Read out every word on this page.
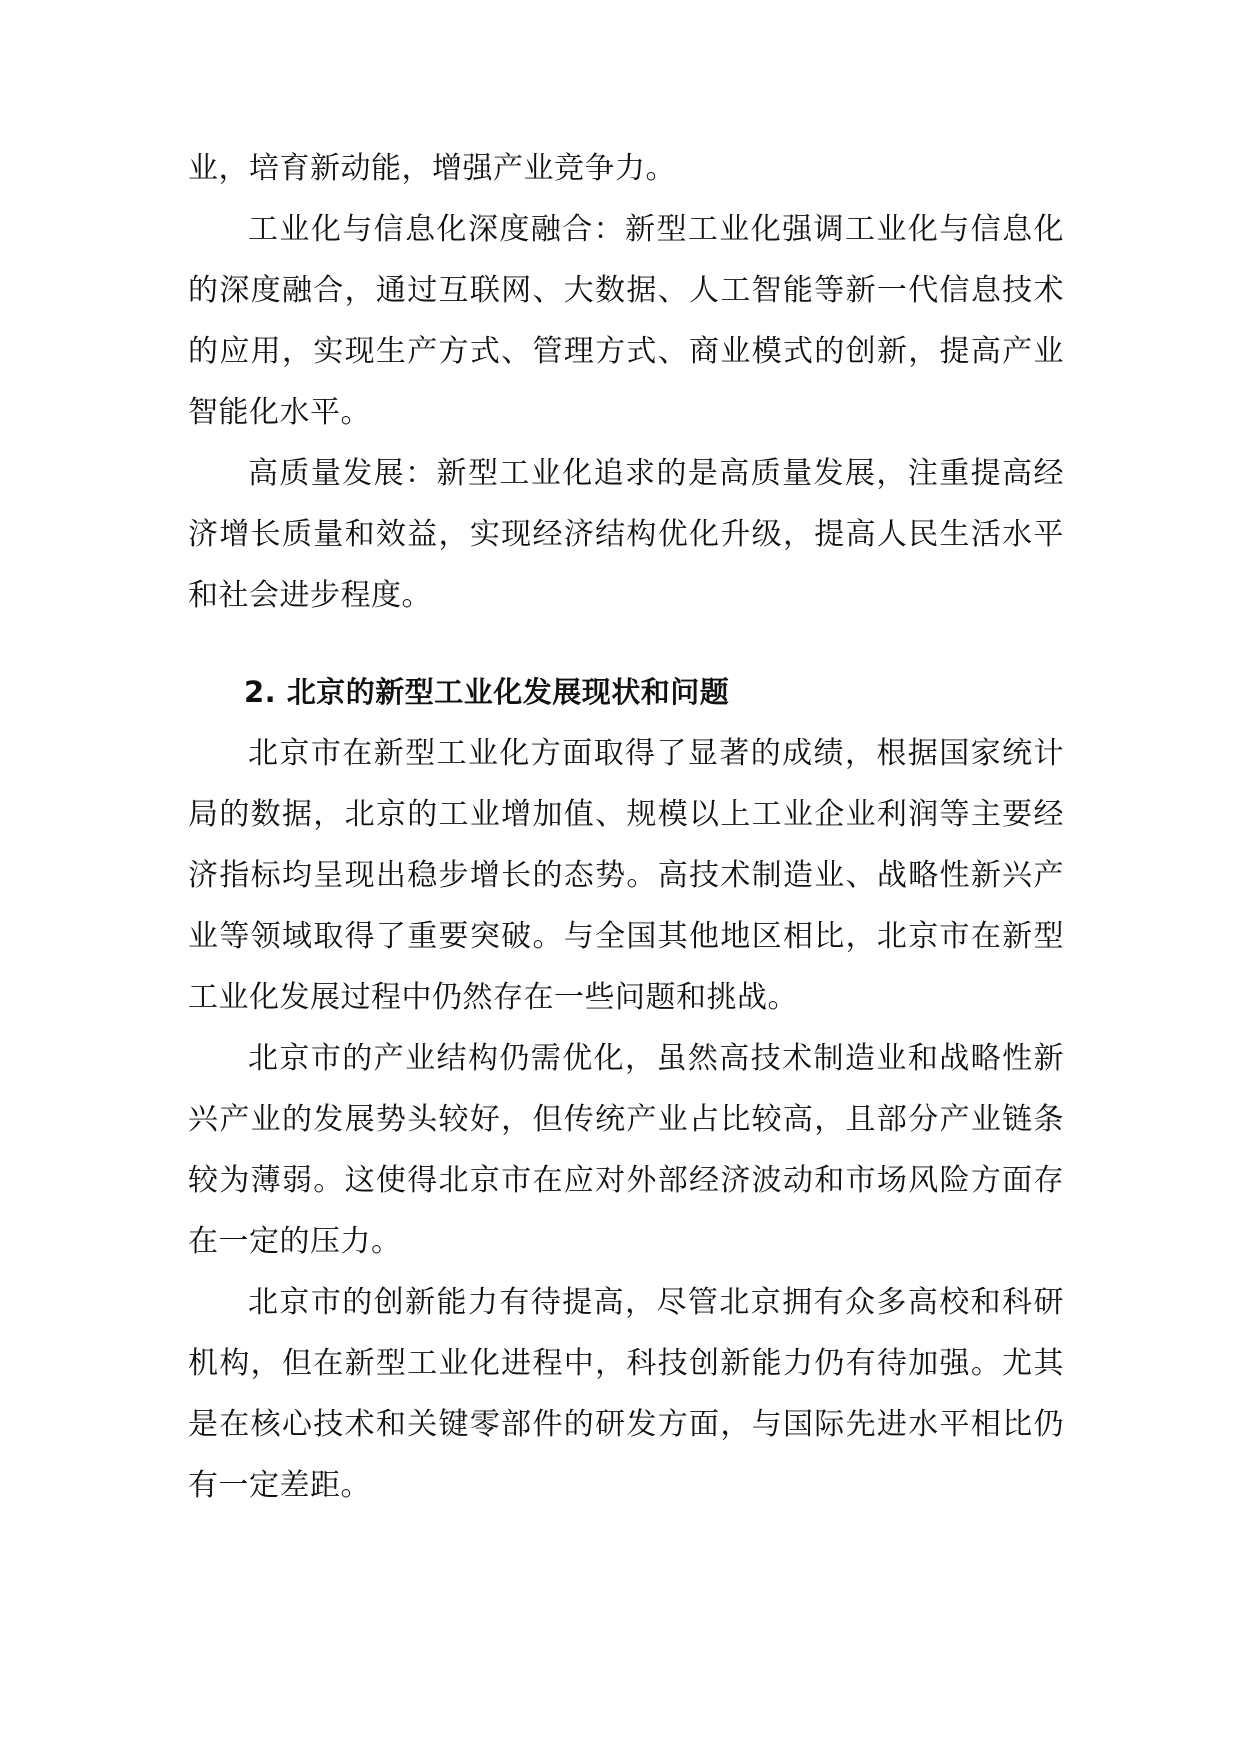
业，培育新动能，增强产业竞争力。

工业化与信息化深度融合：新型工业化强调工业化与信息化的深度融合，通过互联网、大数据、人工智能等新一代信息技术的应用，实现生产方式、管理方式、商业模式的创新，提高产业智能化水平。

高质量发展：新型工业化追求的是高质量发展，注重提高经济增长质量和效益，实现经济结构优化升级，提高人民生活水平和社会进步程度。

2. 北京的新型工业化发展现状和问题

北京市在新型工业化方面取得了显著的成绩，根据国家统计局的数据，北京的工业增加值、规模以上工业企业利润等主要经济指标均呈现出稳步增长的态势。高技术制造业、战略性新兴产业等领域取得了重要突破。与全国其他地区相比，北京市在新型工业化发展过程中仍然存在一些问题和挑战。

北京市的产业结构仍需优化，虽然高技术制造业和战略性新兴产业的发展势头较好，但传统产业占比较高，且部分产业链条较为薄弱。这使得北京市在应对外部经济波动和市场风险方面存在一定的压力。

北京市的创新能力有待提高，尽管北京拥有众多高校和科研机构，但在新型工业化进程中，科技创新能力仍有待加强。尤其是在核心技术和关键零部件的研发方面，与国际先进水平相比仍有一定差距。
